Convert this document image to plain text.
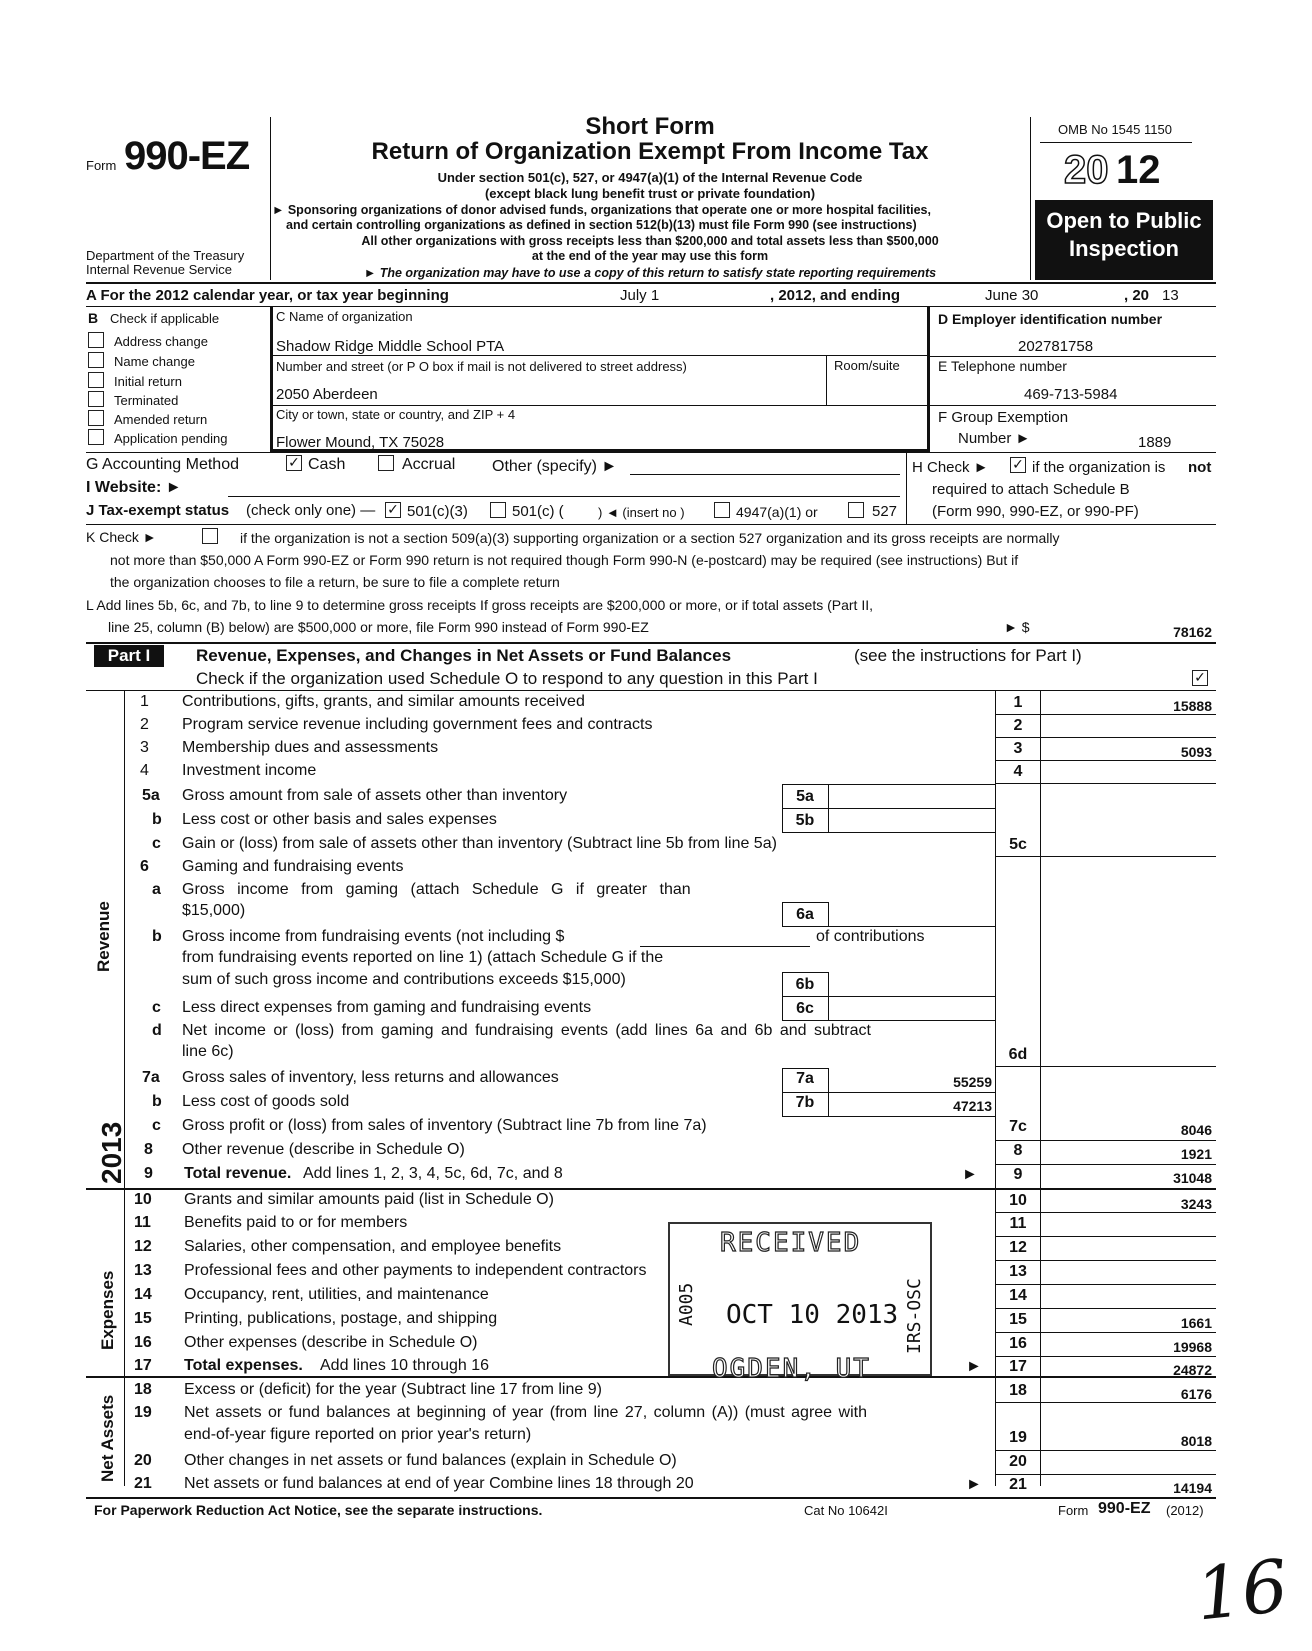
Form 990-EZ
Department of the Treasury
Internal Revenue Service
Short Form
Return of Organization Exempt From Income Tax
Under section 501(c), 527, or 4947(a)(1) of the Internal Revenue Code
(except black lung benefit trust or private foundation)
► Sponsoring organizations of donor advised funds, organizations that operate one or more hospital facilities,
and certain controlling organizations as defined in section 512(b)(13) must file Form 990 (see instructions)
All other organizations with gross receipts less than $200,000 and total assets less than $500,000
at the end of the year may use this form
► The organization may have to use a copy of this return to satisfy state reporting requirements
OMB No 1545 1150
20 12
Open to Public
Inspection
A For the 2012 calendar year, or tax year beginning	July 1	, 2012, and ending	June 30	, 20 13
B Check if applicable
Address change
Name change
Initial return
Terminated
Amended return
Application pending
C Name of organization
Shadow Ridge Middle School PTA
Number and street (or P O box if mail is not delivered to street address)	Room/suite
2050 Aberdeen
City or town, state or country, and ZIP + 4
Flower Mound, TX 75028
D Employer identification number
202781758
E Telephone number
469-713-5984
F Group Exemption
Number ►	1889
G Accounting Method	✓ Cash	Accrual Other (specify) ►	H Check ► ✓ if the organization is not
required to attach Schedule B
(Form 990, 990-EZ, or 990-PF)
I Website: ►
J Tax-exempt status (check only one) — ✓ 501(c)(3)	501(c) (	) ◄ (insert no )	4947(a)(1) or	527
K Check ►	if the organization is not a section 509(a)(3) supporting organization or a section 527 organization and its gross receipts are normally
not more than $50,000 A Form 990-EZ or Form 990 return is not required though Form 990-N (e-postcard) may be required (see instructions) But if
the organization chooses to file a return, be sure to file a complete return
L Add lines 5b, 6c, and 7b, to line 9 to determine gross receipts If gross receipts are $200,000 or more, or if total assets (Part II,
line 25, column (B) below) are $500,000 or more, file Form 990 instead of Form 990-EZ	► $	78162
Part I	Revenue, Expenses, and Changes in Net Assets or Fund Balances	(see the instructions for Part I)
Check if the organization used Schedule O to respond to any question in this Part I	✓
Revenue
Expenses
Net Assets
1 Contributions, gifts, grants, and similar amounts received	1	15888
2 Program service revenue including government fees and contracts	2
3 Membership dues and assessments	3	5093
4 Investment income	4
5a Gross amount from sale of assets other than inventory	5a
b Less cost or other basis and sales expenses	5b
c Gain or (loss) from sale of assets other than inventory (Subtract line 5b from line 5a)	5c
6 Gaming and fundraising events
a Gross income from gaming (attach Schedule G if greater than
$15,000)	6a
b Gross income from fundraising events (not including $	of contributions
from fundraising events reported on line 1) (attach Schedule G if the
sum of such gross income and contributions exceeds $15,000)	6b
c Less direct expenses from gaming and fundraising events	6c
d Net income or (loss) from gaming and fundraising events (add lines 6a and 6b and subtract
line 6c)	6d
7a Gross sales of inventory, less returns and allowances	7a	55259
b Less cost of goods sold	7b	47213
c Gross profit or (loss) from sales of inventory (Subtract line 7b from line 7a)	7c	8046
8 Other revenue (describe in Schedule O)	8	1921
9 Total revenue. Add lines 1, 2, 3, 4, 5c, 6d, 7c, and 8	►	9	31048
10 Grants and similar amounts paid (list in Schedule O)	10	3243
11 Benefits paid to or for members	11
12 Salaries, other compensation, and employee benefits	12
13 Professional fees and other payments to independent contractors	13
14 Occupancy, rent, utilities, and maintenance	14
15 Printing, publications, postage, and shipping	15	1661
16 Other expenses (describe in Schedule O)	16	19968
17 Total expenses. Add lines 10 through 16	►	17	24872
18 Excess or (deficit) for the year (Subtract line 17 from line 9)	18	6176
19 Net assets or fund balances at beginning of year (from line 27, column (A)) (must agree with
end-of-year figure reported on prior year's return)	19	8018
20 Other changes in net assets or fund balances (explain in Schedule O)	20
21 Net assets or fund balances at end of year Combine lines 18 through 20	►	21	14194
RECEIVED
OCT 10 2013
A005	IRS-OSC
OGDEN, UT
2013
For Paperwork Reduction Act Notice, see the separate instructions.	Cat No 10642I	Form 990-EZ (2012)
16
